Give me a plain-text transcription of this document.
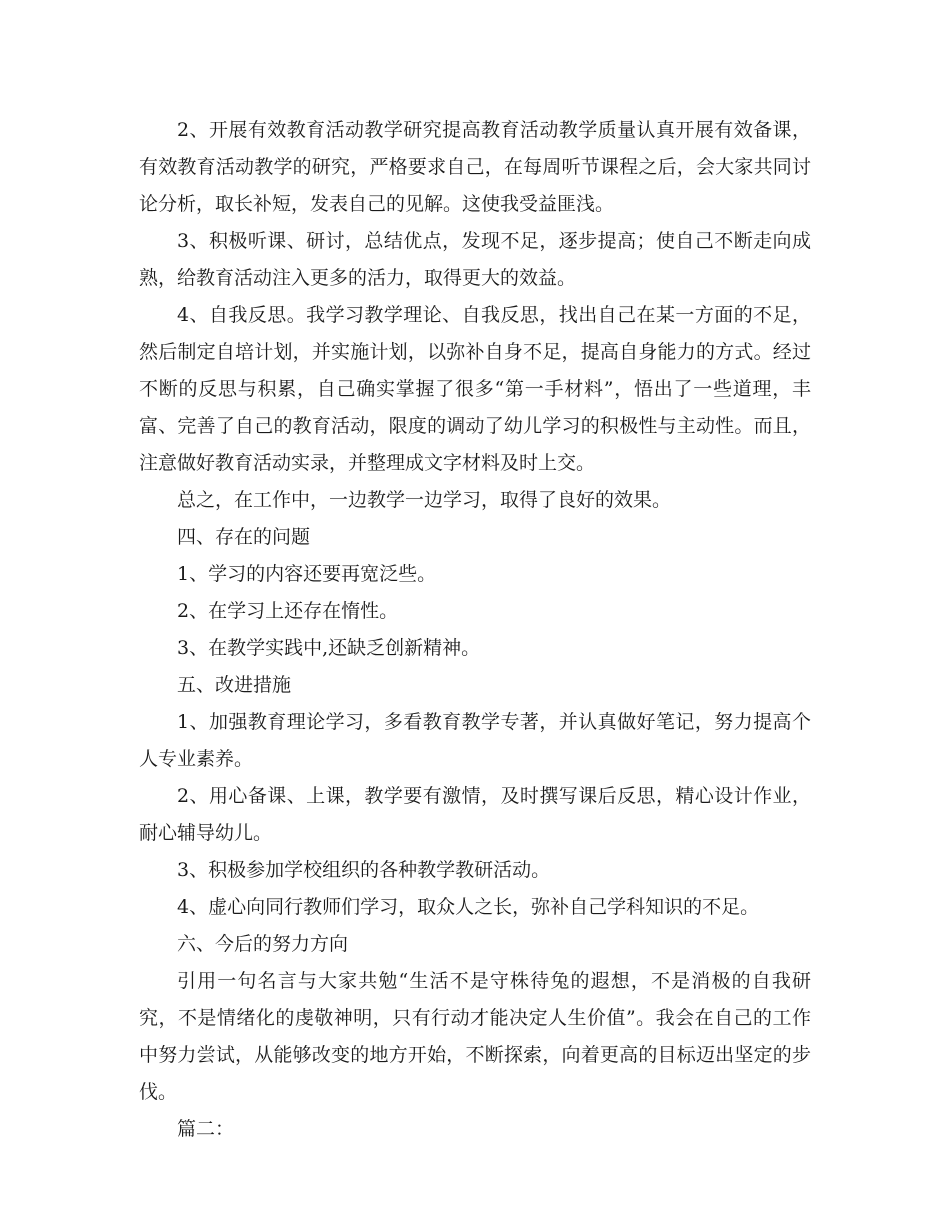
2、开展有效教育活动教学研究提高教育活动教学质量认真开展有效备课，有效教育活动教学的研究，严格要求自己，在每周听节课程之后，会大家共同讨论分析，取长补短，发表自己的见解。这使我受益匪浅。

3、积极听课、研讨，总结优点，发现不足，逐步提高；使自己不断走向成熟，给教育活动注入更多的活力，取得更大的效益。

4、自我反思。我学习教学理论、自我反思，找出自己在某一方面的不足，然后制定自培计划，并实施计划，以弥补自身不足，提高自身能力的方式。经过不断的反思与积累，自己确实掌握了很多“第一手材料”，悟出了一些道理，丰富、完善了自己的教育活动，限度的调动了幼儿学习的积极性与主动性。而且，注意做好教育活动实录，并整理成文字材料及时上交。

总之，在工作中，一边教学一边学习，取得了良好的效果。

四、存在的问题

1、学习的内容还要再宽泛些。

2、在学习上还存在惰性。

3、在教学实践中,还缺乏创新精神。

五、改进措施

1、加强教育理论学习，多看教育教学专著，并认真做好笔记，努力提高个人专业素养。

2、用心备课、上课，教学要有激情，及时撰写课后反思，精心设计作业，耐心辅导幼儿。

3、积极参加学校组织的各种教学教研活动。

4、虚心向同行教师们学习，取众人之长，弥补自己学科知识的不足。

六、今后的努力方向

引用一句名言与大家共勉“生活不是守株待兔的遐想，不是消极的自我研究，不是情绪化的虔敬神明，只有行动才能决定人生价值”。我会在自己的工作中努力尝试，从能够改变的地方开始，不断探索，向着更高的目标迈出坚定的步伐。

篇二：
